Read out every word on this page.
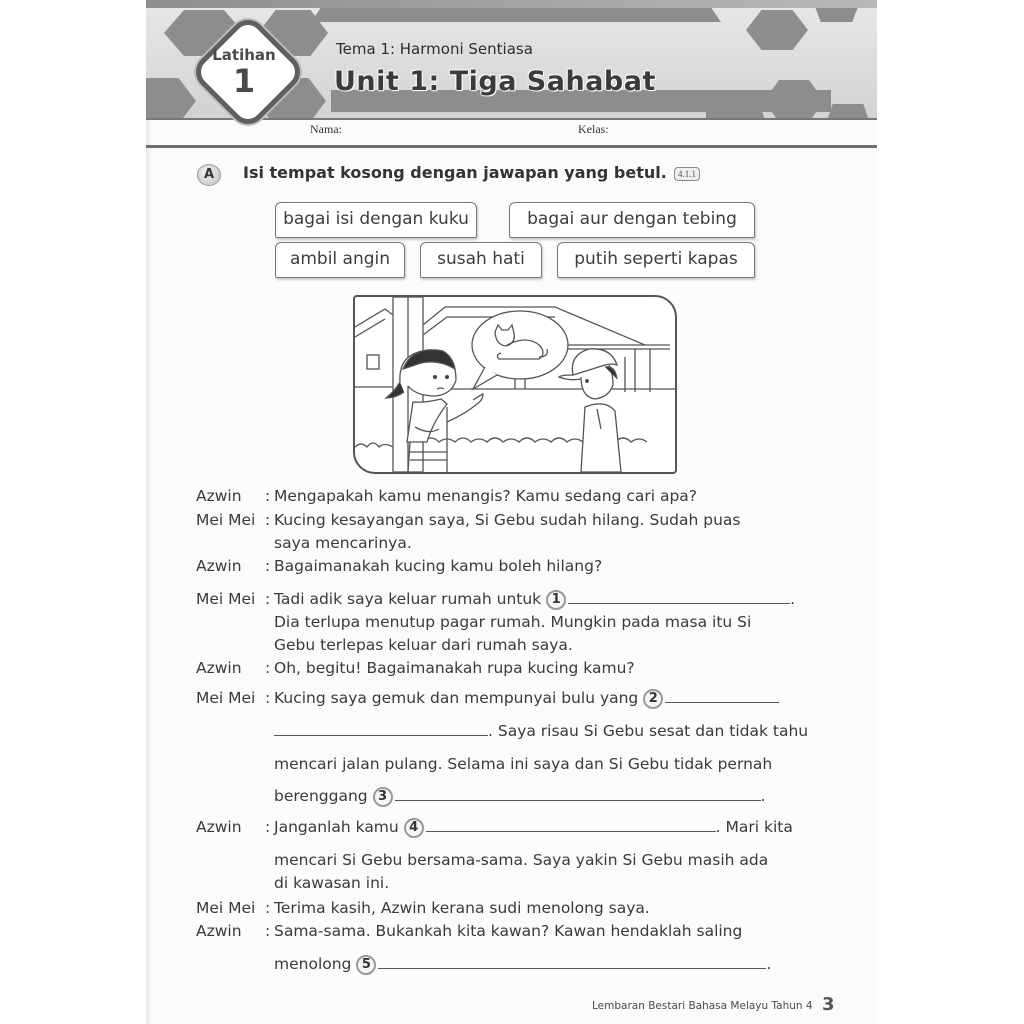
Latihan
1
Tema 1: Harmoni Sentiasa
Unit 1: Tiga Sahabat
Nama:	Kelas:
A	Isi tempat kosong dengan jawapan yang betul.	4.1.1
bagai isi dengan kuku	bagai aur dengan tebing
ambil angin	susah hati	putih seperti kapas
Azwin : Mengapakah kamu menangis? Kamu sedang cari apa?
Mei Mei : Kucing kesayangan saya, Si Gebu sudah hilang. Sudah puas
saya mencarinya.
Azwin : Bagaimanakah kucing kamu boleh hilang?
Mei Mei : Tadi adik saya keluar rumah untuk 1	.
Dia terlupa menutup pagar rumah. Mungkin pada masa itu Si
Gebu terlepas keluar dari rumah saya.
Azwin : Oh, begitu! Bagaimanakah rupa kucing kamu?
Mei Mei : Kucing saya gemuk dan mempunyai bulu yang 2
. Saya risau Si Gebu sesat dan tidak tahu
mencari jalan pulang. Selama ini saya dan Si Gebu tidak pernah
berenggang 3	.
Azwin : Janganlah kamu 4	. Mari kita
mencari Si Gebu bersama-sama. Saya yakin Si Gebu masih ada
di kawasan ini.
Mei Mei : Terima kasih, Azwin kerana sudi menolong saya.
Azwin : Sama-sama. Bukankah kita kawan? Kawan hendaklah saling
menolong 5	.
Lembaran Bestari Bahasa Melayu Tahun 4 3
